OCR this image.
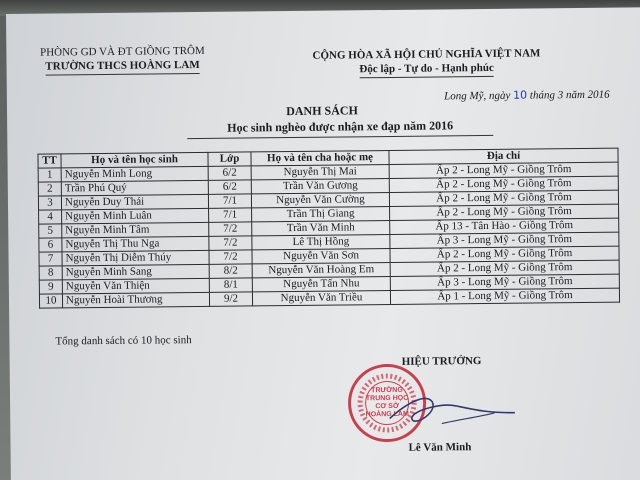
PHÒNG GD VÀ ĐT GIỒNG TRÔM
TRƯỜNG THCS HOÀNG LAM
CỘNG HÒA XÃ HỘI CHỦ NGHĨA VIỆT NAM
Độc lập - Tự do - Hạnh phúc
Long Mỹ, ngày 10 tháng 3 năm 2016
DANH SÁCH
Học sinh nghèo được nhận xe đạp năm 2016
TT	Họ và tên học sinh	Lớp	Họ và tên cha hoặc mẹ	Địa chỉ
1	Nguyễn Minh Long	6/2	Nguyễn Thị Mai	Ấp 2 - Long Mỹ - Giồng Trôm
2	Trần Phú Quý	6/2	Trần Văn Gương	Ấp 2 - Long Mỹ - Giồng Trôm
3	Nguyễn Duy Thái	7/1	Nguyễn Văn Cường	Ấp 2 - Long Mỹ - Giồng Trôm
4	Nguyễn Minh Luân	7/1	Trần Thị Giang	Ấp 2 - Long Mỹ - Giồng Trôm
5	Nguyễn Minh Tâm	7/2	Trần Văn Minh	Ấp 13 - Tân Hào - Giồng Trôm
6	Nguyễn Thị Thu Nga	7/2	Lê Thị Hồng	Ấp 3 - Long Mỹ - Giồng Trôm
7	Nguyễn Thị Diễm Thúy	7/2	Nguyễn Văn Sơn	Ấp 2 - Long Mỹ - Giồng Trôm
8	Nguyễn Minh Sang	8/2	Nguyễn Văn Hoàng Em	Ấp 2 - Long Mỹ - Giồng Trôm
9	Nguyễn Văn Thiện	8/1	Nguyễn Tấn Nhu	Ấp 3 - Long Mỹ - Giồng Trôm
10	Nguyễn Hoài Thương	9/2	Nguyễn Văn Triều	Ấp 1 - Long Mỹ - Giồng Trôm
Tổng danh sách có 10 học sinh
HIỆU TRƯỞNG
TRƯỜNG
TRUNG HỌC
CƠ SỞ
HOÀNG LAM
Lê Văn Minh
